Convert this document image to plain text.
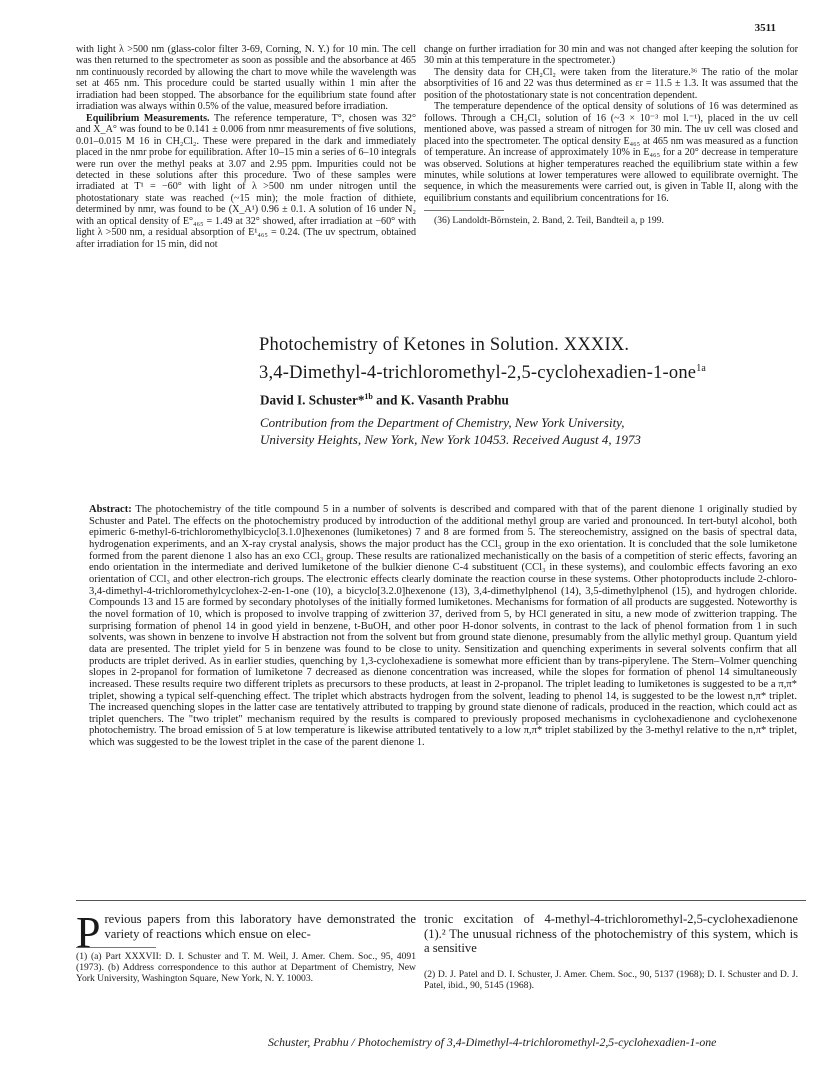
3511

with light λ >500 nm (glass-color filter 3-69, Corning, N. Y.) for 10 min. The cell was then returned to the spectrometer as soon as possible and the absorbance at 465 nm continuously recorded by allowing the chart to move while the wavelength was set at 465 nm. This procedure could be started usually within 1 min after the irradiation had been stopped. The absorbance for the equilibrium state found after irradiation was always within 0.5% of the value, measured before irradiation.

Equilibrium Measurements. The reference temperature, T°, chosen was 32° and X_A° was found to be 0.141 ± 0.006 from nmr measurements of five solutions, 0.01–0.015 M 16 in CH₂Cl₂. These were prepared in the dark and immediately placed in the nmr probe for equilibration. After 10–15 min a series of 6–10 integrals were run over the methyl peaks at 3.07 and 2.95 ppm. Impurities could not be detected in these solutions after this procedure. Two of these samples were irradiated at T¹ = −60° with light of λ >500 nm under nitrogen until the photostationary state was reached (~15 min); the mole fraction of dithiete, determined by nmr, was found to be (X_A¹) 0.96 ± 0.1. A solution of 16 under N₂ with an optical density of E°₄₆₅ = 1.49 at 32° showed, after irradiation at −60° with light λ >500 nm, a residual absorption of E¹₄₆₅ = 0.24. (The uv spectrum, obtained after irradiation for 15 min, did not

change on further irradiation for 30 min and was not changed after keeping the solution for 30 min at this temperature in the spectrometer.)

The density data for CH₂Cl₂ were taken from the literature.³⁶ The ratio of the molar absorptivities of 16 and 22 was thus determined as εr = 11.5 ± 1.3. It was assumed that the position of the photostationary state is not concentration dependent.

The temperature dependence of the optical density of solutions of 16 was determined as follows. Through a CH₂Cl₂ solution of 16 (~3 × 10⁻³ mol l.⁻¹), placed in the uv cell mentioned above, was passed a stream of nitrogen for 30 min. The uv cell was closed and placed into the spectrometer. The optical density E₄₆₅ at 465 nm was measured as a function of temperature. An increase of approximately 10% in E₄₆₅ for a 20° decrease in temperature was observed. Solutions at higher temperatures reached the equilibrium state within a few minutes, while solutions at lower temperatures were allowed to equilibrate overnight. The sequence, in which the measurements were carried out, is given in Table II, along with the equilibrium constants and equilibrium concentrations for 16.

(36) Landoldt-Börnstein, 2. Band, 2. Teil, Bandteil a, p 199.

Photochemistry of Ketones in Solution. XXXIX.
3,4-Dimethyl-4-trichloromethyl-2,5-cyclohexadien-1-one$^{1a}$
David I. Schuster*$^{1b}$ and K. Vasanth Prabhu
Contribution from the Department of Chemistry, New York University,
University Heights, New York, New York 10453. Received August 4, 1973
Abstract: The photochemistry of the title compound 5 in a number of solvents is described and compared with that of the parent dienone 1 originally studied by Schuster and Patel. The effects on the photochemistry produced by introduction of the additional methyl group are varied and pronounced. In tert-butyl alcohol, both epimeric 6-methyl-6-trichloromethylbicyclo[3.1.0]hexenones (lumiketones) 7 and 8 are formed from 5. The stereochemistry, assigned on the basis of spectral data, hydrogenation experiments, and an X-ray crystal analysis, shows the major product has the CCl₃ group in the exo orientation. It is concluded that the sole lumiketone formed from the parent dienone 1 also has an exo CCl₃ group. These results are rationalized mechanistically on the basis of a competition of steric effects, favoring an endo orientation in the intermediate and derived lumiketone of the bulkier dienone C-4 substituent (CCl₃ in these systems), and coulombic effects favoring an exo orientation of CCl₃ and other electron-rich groups. The electronic effects clearly dominate the reaction course in these systems. Other photoproducts include 2-chloro-3,4-dimethyl-4-trichloromethylcyclohex-2-en-1-one (10), a bicyclo[3.2.0]hexenone (13), 3,4-dimethylphenol (14), 3,5-dimethylphenol (15), and hydrogen chloride. Compounds 13 and 15 are formed by secondary photolyses of the initially formed lumiketones. Mechanisms for formation of all products are suggested. Noteworthy is the novel formation of 10, which is proposed to involve trapping of zwitterion 37, derived from 5, by HCl generated in situ, a new mode of zwitterion trapping. The surprising formation of phenol 14 in good yield in benzene, t-BuOH, and other poor H-donor solvents, in contrast to the lack of phenol formation from 1 in such solvents, was shown in benzene to involve H abstraction not from the solvent but from ground state dienone, presumably from the allylic methyl group. Quantum yield data are presented. The triplet yield for 5 in benzene was found to be close to unity. Sensitization and quenching experiments in several solvents confirm that all products are triplet derived. As in earlier studies, quenching by 1,3-cyclohexadiene is somewhat more efficient than by trans-piperylene. The Stern–Volmer quenching slopes in 2-propanol for formation of lumiketone 7 decreased as dienone concentration was increased, while the slopes for formation of phenol 14 simultaneously increased. These results require two different triplets as precursors to these products, at least in 2-propanol. The triplet leading to lumiketones is suggested to be a π,π* triplet, showing a typical self-quenching effect. The triplet which abstracts hydrogen from the solvent, leading to phenol 14, is suggested to be the lowest n,π* triplet. The increased quenching slopes in the latter case are tentatively attributed to trapping by ground state dienone of radicals, produced in the reaction, which could act as triplet quenchers. The "two triplet" mechanism required by the results is compared to previously proposed mechanisms in cyclohexadienone and cyclohexenone photochemistry. The broad emission of 5 at low temperature is likewise attributed tentatively to a low π,π* triplet stabilized by the 3-methyl relative to the n,π* triplet, which was suggested to be the lowest triplet in the case of the parent dienone 1.
Previous papers from this laboratory have demonstrated the variety of reactions which ensue on elec-
(1) (a) Part XXXVII: D. I. Schuster and T. M. Weil, J. Amer. Chem. Soc., 95, 4091 (1973). (b) Address correspondence to this author at Department of Chemistry, New York University, Washington Square, New York, N. Y. 10003.
tronic excitation of 4-methyl-4-trichloromethyl-2,5-cyclohexadienone (1).² The unusual richness of the photochemistry of this system, which is a sensitive
(2) D. J. Patel and D. I. Schuster, J. Amer. Chem. Soc., 90, 5137 (1968); D. I. Schuster and D. J. Patel, ibid., 90, 5145 (1968).
Schuster, Prabhu / Photochemistry of 3,4-Dimethyl-4-trichloromethyl-2,5-cyclohexadien-1-one
